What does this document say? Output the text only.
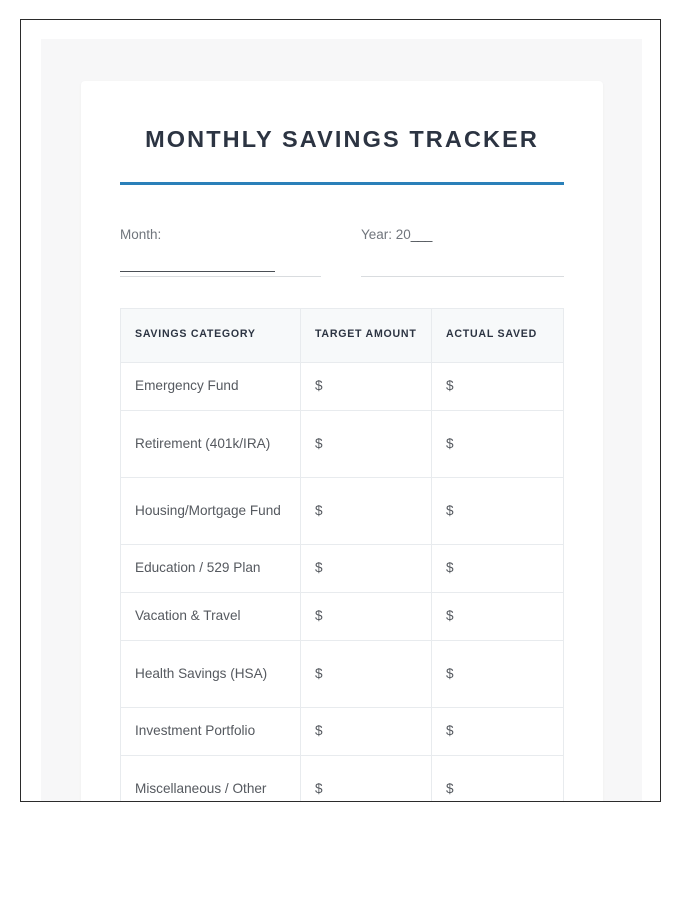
MONTHLY SAVINGS TRACKER
Month:	Year: 20___
SAVINGS CATEGORY	TARGET AMOUNT	ACTUAL SAVED
Emergency Fund	$	$
Retirement (401k/IRA)	$	$
Housing/Mortgage Fund	$	$
Education / 529 Plan	$	$
Vacation & Travel	$	$
Health Savings (HSA)	$	$
Investment Portfolio	$	$
Miscellaneous / Other	$	$
